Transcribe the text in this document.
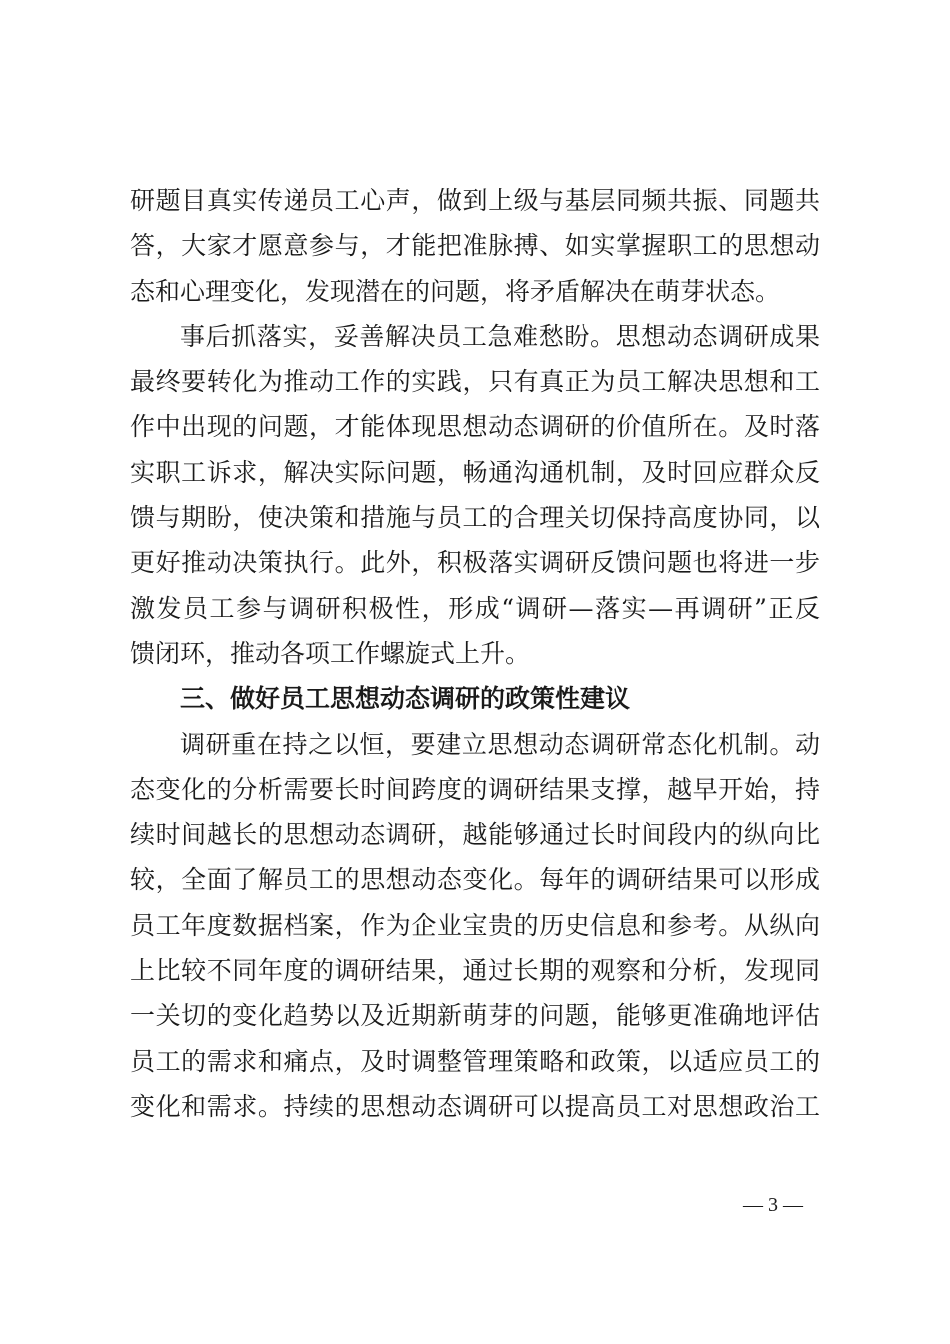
研题目真实传递员工心声，做到上级与基层同频共振、同题共
答，大家才愿意参与，才能把准脉搏、如实掌握职工的思想动
态和心理变化，发现潜在的问题，将矛盾解决在萌芽状态。
事后抓落实，妥善解决员工急难愁盼。思想动态调研成果
最终要转化为推动工作的实践，只有真正为员工解决思想和工
作中出现的问题，才能体现思想动态调研的价值所在。及时落
实职工诉求，解决实际问题，畅通沟通机制，及时回应群众反
馈与期盼，使决策和措施与员工的合理关切保持高度协同，以
更好推动决策执行。此外，积极落实调研反馈问题也将进一步
激发员工参与调研积极性，形成“调研—落实—再调研”正反
馈闭环，推动各项工作螺旋式上升。
三、做好员工思想动态调研的政策性建议
调研重在持之以恒，要建立思想动态调研常态化机制。动
态变化的分析需要长时间跨度的调研结果支撑，越早开始，持
续时间越长的思想动态调研，越能够通过长时间段内的纵向比
较，全面了解员工的思想动态变化。每年的调研结果可以形成
员工年度数据档案，作为企业宝贵的历史信息和参考。从纵向
上比较不同年度的调研结果，通过长期的观察和分析，发现同
一关切的变化趋势以及近期新萌芽的问题，能够更准确地评估
员工的需求和痛点，及时调整管理策略和政策，以适应员工的
变化和需求。持续的思想动态调研可以提高员工对思想政治工
— 3 —
